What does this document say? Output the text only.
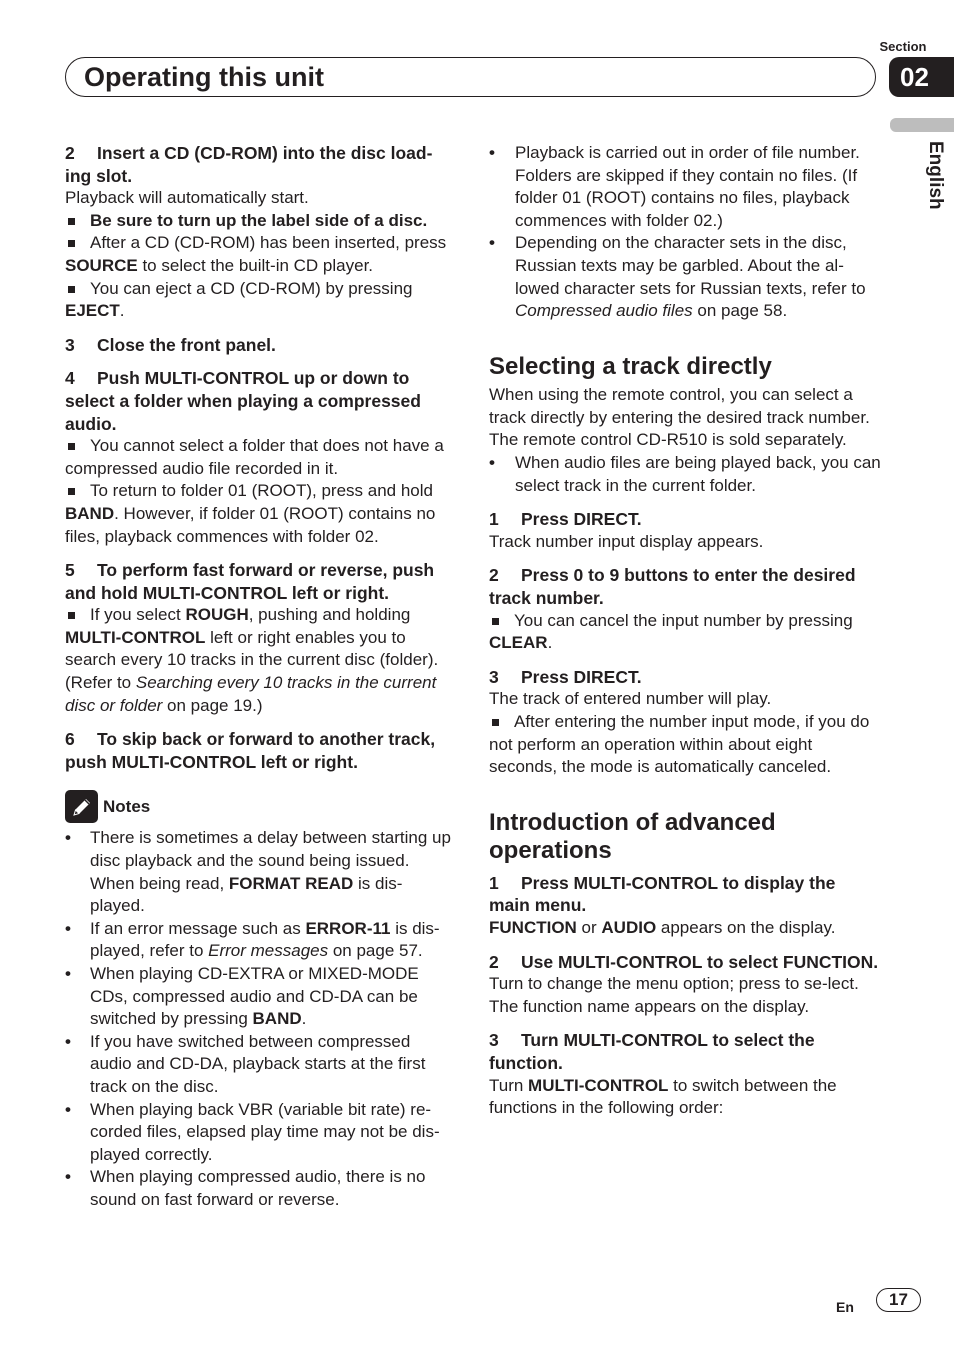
Section
Operating this unit	02
English
2 Insert a CD (CD-ROM) into the disc load-ing slot.
Playback will automatically start.
Be sure to turn up the label side of a disc.
After a CD (CD-ROM) has been inserted, press SOURCE to select the built-in CD player.
You can eject a CD (CD-ROM) by pressing EJECT.
3 Close the front panel.
4 Push MULTI-CONTROL up or down to select a folder when playing a compressed audio.
You cannot select a folder that does not have a compressed audio file recorded in it.
To return to folder 01 (ROOT), press and hold BAND. However, if folder 01 (ROOT) contains no files, playback commences with folder 02.
5 To perform fast forward or reverse, push and hold MULTI-CONTROL left or right.
If you select ROUGH, pushing and holding MULTI-CONTROL left or right enables you to search every 10 tracks in the current disc (folder). (Refer to Searching every 10 tracks in the current disc or folder on page 19.)
6 To skip back or forward to another track, push MULTI-CONTROL left or right.
Notes
• There is sometimes a delay between starting up disc playback and the sound being issued. When being read, FORMAT READ is dis-played.
• If an error message such as ERROR-11 is dis-played, refer to Error messages on page 57.
• When playing CD-EXTRA or MIXED-MODE CDs, compressed audio and CD-DA can be switched by pressing BAND.
• If you have switched between compressed audio and CD-DA, playback starts at the first track on the disc.
• When playing back VBR (variable bit rate) re-corded files, elapsed play time may not be dis-played correctly.
• When playing compressed audio, there is no sound on fast forward or reverse.
• Playback is carried out in order of file number. Folders are skipped if they contain no files. (If folder 01 (ROOT) contains no files, playback commences with folder 02.)
• Depending on the character sets in the disc, Russian texts may be garbled. About the al-lowed character sets for Russian texts, refer to Compressed audio files on page 58.
Selecting a track directly
When using the remote control, you can select a track directly by entering the desired track number.
The remote control CD-R510 is sold separately.
• When audio files are being played back, you can select track in the current folder.
1 Press DIRECT.
Track number input display appears.
2 Press 0 to 9 buttons to enter the desired track number.
You can cancel the input number by pressing CLEAR.
3 Press DIRECT.
The track of entered number will play.
After entering the number input mode, if you do not perform an operation within about eight seconds, the mode is automatically canceled.
Introduction of advanced operations
1 Press MULTI-CONTROL to display the main menu.
FUNCTION or AUDIO appears on the display.
2 Use MULTI-CONTROL to select FUNCTION.
Turn to change the menu option; press to se-lect.
The function name appears on the display.
3 Turn MULTI-CONTROL to select the function.
Turn MULTI-CONTROL to switch between the functions in the following order:
En	17
